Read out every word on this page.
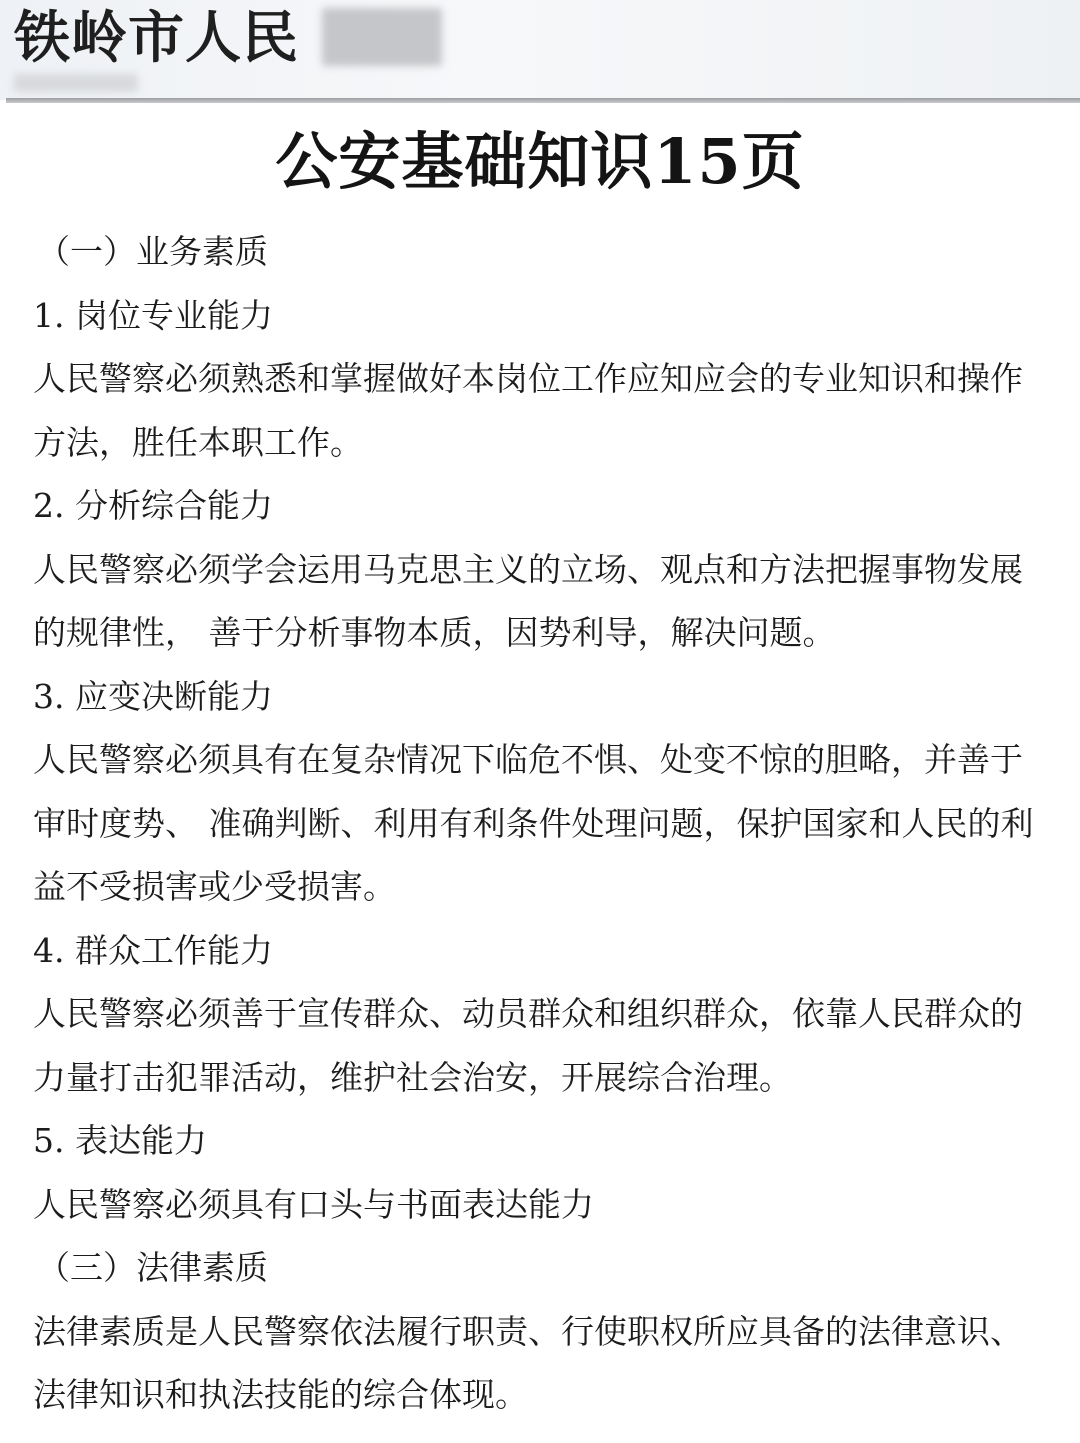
铁岭市人民
公安基础知识15页
（一）业务素质
1. 岗位专业能力
人民警察必须熟悉和掌握做好本岗位工作应知应会的专业知识和操作
方法，胜任本职工作。
2. 分析综合能力
人民警察必须学会运用马克思主义的立场、观点和方法把握事物发展
的规律性， 善于分析事物本质，因势利导，解决问题。
3. 应变决断能力
人民警察必须具有在复杂情况下临危不惧、处变不惊的胆略，并善于
审时度势、 准确判断、利用有利条件处理问题，保护国家和人民的利
益不受损害或少受损害。
4. 群众工作能力
人民警察必须善于宣传群众、动员群众和组织群众，依靠人民群众的
力量打击犯罪活动，维护社会治安，开展综合治理。
5. 表达能力
人民警察必须具有口头与书面表达能力
（三）法律素质
法律素质是人民警察依法履行职责、行使职权所应具备的法律意识、
法律知识和执法技能的综合体现。
